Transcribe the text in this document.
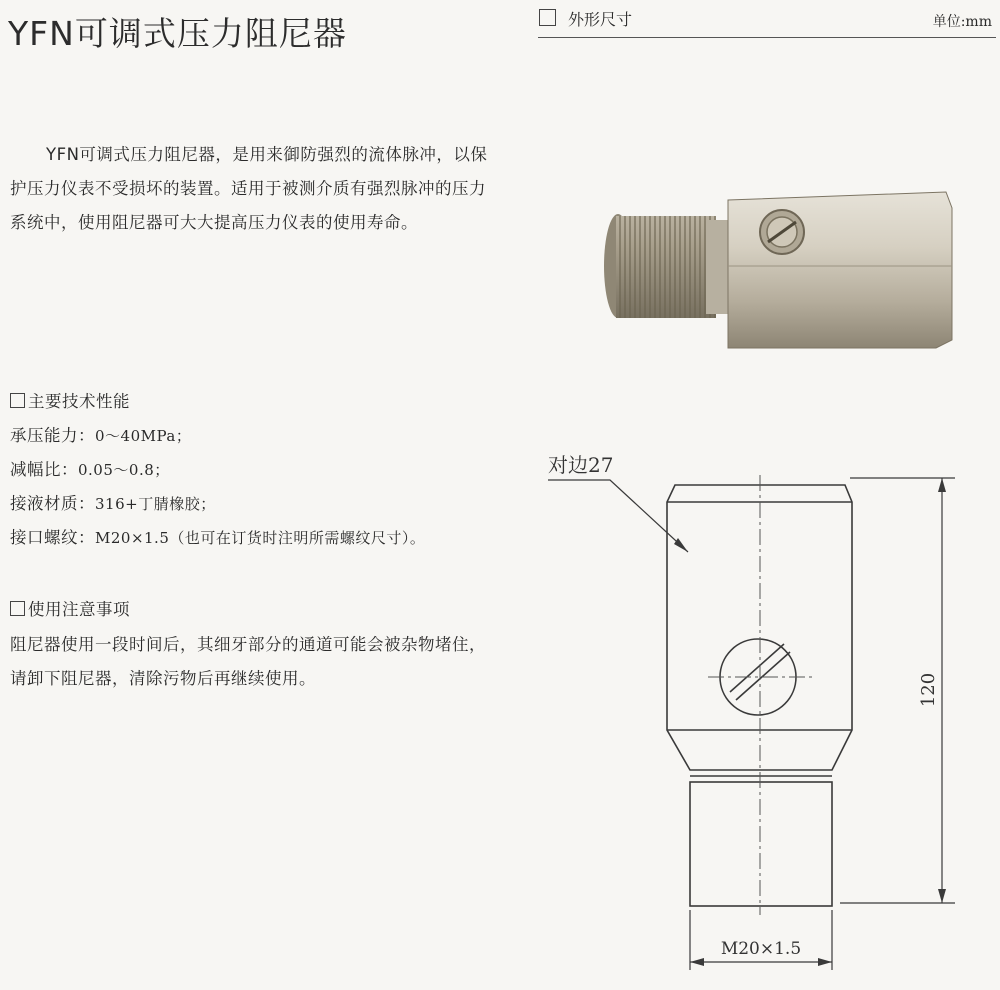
YFN可调式压力阻尼器	外形尺寸	单位:mm

YFN可调式压力阻尼器，是用来御防强烈的流体脉冲，以保护压力仪表不受损坏的装置。适用于被测介质有强烈脉冲的压力系统中，使用阻尼器可大大提高压力仪表的使用寿命。

主要技术性能
承压能力：0～40MPa；
减幅比：0.05～0.8；
接液材质：316+丁腈橡胶；
接口螺纹：M20×1.5（也可在订货时注明所需螺纹尺寸）。
使用注意事项

阻尼器使用一段时间后，其细牙部分的通道可能会被杂物堵住，请卸下阻尼器，清除污物后再继续使用。

对边27
120
M20×1.5
